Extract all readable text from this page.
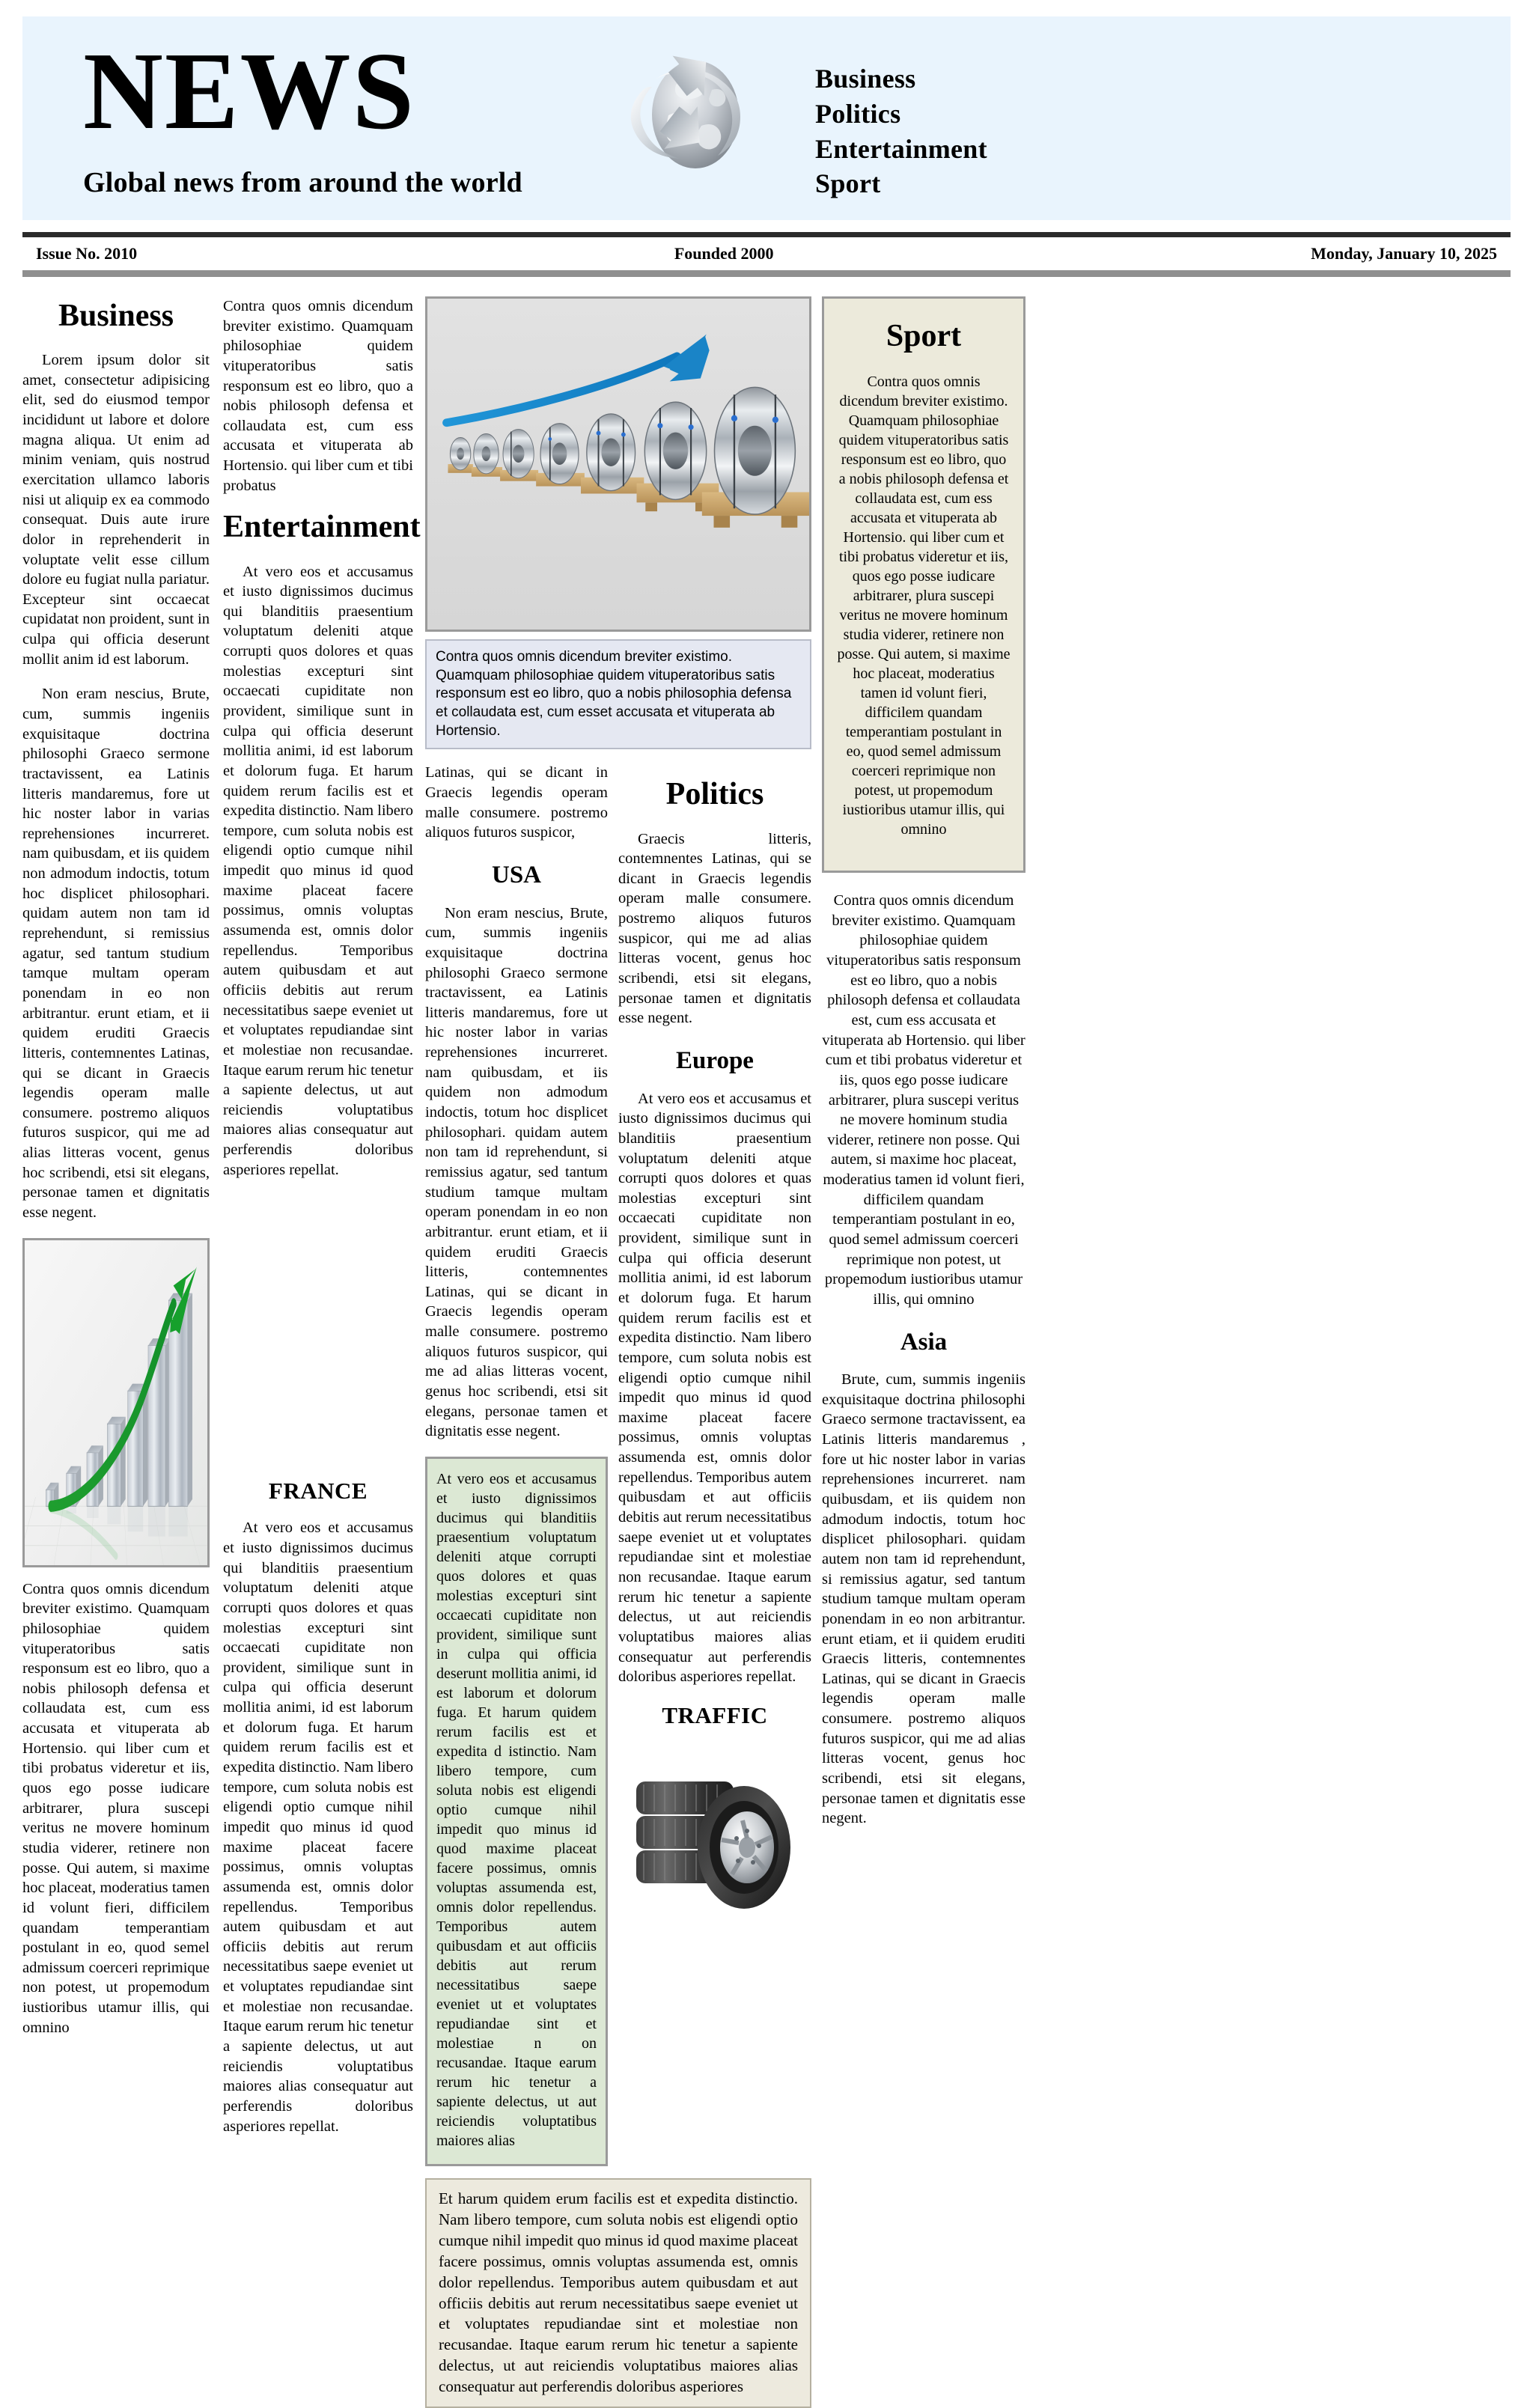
NEWS
Global news from around the world
Business
Politics
Entertainment
Sport
Issue No. 2010	Founded 2000	Monday, January 10, 2025
Business

Lorem ipsum dolor sit amet, consectetur adipisicing elit, sed do eiusmod tempor incididunt ut labore et dolore magna aliqua. Ut enim ad minim veniam, quis nostrud exercitation ullamco laboris nisi ut aliquip ex ea commodo consequat. Duis aute irure dolor in reprehenderit in voluptate velit esse cillum dolore eu fugiat nulla pariatur. Excepteur sint occaecat cupidatat non proident, sunt in culpa qui officia deserunt mollit anim id est laborum.

Non eram nescius, Brute, cum, summis ingeniis exquisitaque doctrina philosophi Graeco sermone tractavissent, ea Latinis litteris mandaremus, fore ut hic noster labor in varias reprehensiones incurreret. nam quibusdam, et iis quidem non admodum indoctis, totum hoc displicet philosophari. quidam autem non tam id reprehendunt, si remissius agatur, sed tantum studium tamque multam operam ponendam in eo non arbitrantur. erunt etiam, et ii quidem eruditi Graecis litteris, contemnentes Latinas, qui se dicant in Graecis legendis operam malle consumere. postremo aliquos futuros suspicor, qui me ad alias litteras vocent, genus hoc scribendi, etsi sit elegans, personae tamen et dignitatis esse negent.

Contra quos omnis dicendum breviter existimo. Quamquam philosophiae quidem vituperatoribus satis responsum est eo libro, quo a nobis philosoph defensa et collaudata est, cum ess accusata et vituperata ab Hortensio. qui liber cum et tibi probatus videretur et iis, quos ego posse iudicare arbitrarer, plura suscepi veritus ne movere hominum studia viderer, retinere non posse. Qui autem, si maxime hoc placeat, moderatius tamen id volunt fieri, difficilem quandam temperantiam postulant in eo, quod semel admissum coerceri reprimique non potest, ut propemodum iustioribus utamur illis, qui omnino

Contra quos omnis dicendum breviter existimo. Quamquam philosophiae quidem vituperatoribus satis responsum est eo libro, quo a nobis philosoph defensa et collaudata est, cum ess accusata et vituperata ab Hortensio. qui liber cum et tibi probatus

Entertainment

At vero eos et accusamus et iusto dignissimos ducimus qui blanditiis praesentium voluptatum deleniti atque corrupti quos dolores et quas molestias excepturi sint occaecati cupiditate non provident, similique sunt in culpa qui officia deserunt mollitia animi, id est laborum et dolorum fuga. Et harum quidem rerum facilis est et expedita distinctio. Nam libero tempore, cum soluta nobis est eligendi optio cumque nihil impedit quo minus id quod maxime placeat facere possimus, omnis voluptas assumenda est, omnis dolor repellendus. Temporibus autem quibusdam et aut officiis debitis aut rerum necessitatibus saepe eveniet ut et voluptates repudiandae sint et molestiae non recusandae. Itaque earum rerum hic tenetur a sapiente delectus, ut aut reiciendis voluptatibus maiores alias consequatur aut perferendis doloribus asperiores repellat.

FRANCE

At vero eos et accusamus et iusto dignissimos ducimus qui blanditiis praesentium voluptatum deleniti atque corrupti quos dolores et quas molestias excepturi sint occaecati cupiditate non provident, similique sunt in culpa qui officia deserunt mollitia animi, id est laborum et dolorum fuga. Et harum quidem rerum facilis est et expedita distinctio. Nam libero tempore, cum soluta nobis est eligendi optio cumque nihil impedit quo minus id quod maxime placeat facere possimus, omnis voluptas assumenda est, omnis dolor repellendus. Temporibus autem quibusdam et aut officiis debitis aut rerum necessitatibus saepe eveniet ut et voluptates repudiandae sint et molestiae non recusandae. Itaque earum rerum hic tenetur a sapiente delectus, ut aut reiciendis voluptatibus maiores alias consequatur aut perferendis doloribus asperiores repellat.

Contra quos omnis dicendum breviter existimo. Quamquam philosophiae quidem vituperatoribus satis responsum est eo libro, quo a nobis philosophia defensa et collaudata est, cum esset accusata et vituperata ab Hortensio.

Latinas, qui se dicant in Graecis legendis operam malle consumere. postremo aliquos futuros suspicor,

USA

Non eram nescius, Brute, cum, summis ingeniis exquisitaque doctrina philosophi Graeco sermone tractavissent, ea Latinis litteris mandaremus, fore ut hic noster labor in varias reprehensiones incurreret. nam quibusdam, et iis quidem non admodum indoctis, totum hoc displicet philosophari. quidam autem non tam id reprehendunt, si remissius agatur, sed tantum studium tamque multam operam ponendam in eo non arbitrantur. erunt etiam, et ii quidem eruditi Graecis litteris, contemnentes Latinas, qui se dicant in Graecis legendis operam malle consumere. postremo aliquos futuros suspicor, qui me ad alias litteras vocent, genus hoc scribendi, etsi sit elegans, personae tamen et dignitatis esse negent.

At vero eos et accusamus et iusto dignissimos ducimus qui blanditiis praesentium voluptatum deleniti atque corrupti quos dolores et quas molestias excepturi sint occaecati cupiditate non provident, similique sunt in culpa qui officia deserunt mollitia animi, id est laborum et dolorum fuga. Et harum quidem rerum facilis est et expedita d istinctio. Nam libero tempore, cum soluta nobis est eligendi optio cumque nihil impedit quo minus id quod maxime placeat facere possimus, omnis voluptas assumenda est, omnis dolor repellendus. Temporibus autem quibusdam et aut officiis debitis aut rerum necessitatibus saepe eveniet ut et voluptates repudiandae sint et molestiae n on recusandae. Itaque earum rerum hic tenetur a sapiente delectus, ut aut reiciendis voluptatibus maiores alias

Politics

Graecis litteris, contemnentes Latinas, qui se dicant in Graecis legendis operam malle consumere. postremo aliquos futuros suspicor, qui me ad alias litteras vocent, genus hoc scribendi, etsi sit elegans, personae tamen et dignitatis esse negent.

Europe

At vero eos et accusamus et iusto dignissimos ducimus qui blanditiis praesentium voluptatum deleniti atque corrupti quos dolores et quas molestias excepturi sint occaecati cupiditate non provident, similique sunt in culpa qui officia deserunt mollitia animi, id est laborum et dolorum fuga. Et harum quidem rerum facilis est et expedita distinctio. Nam libero tempore, cum soluta nobis est eligendi optio cumque nihil impedit quo minus id quod maxime placeat facere possimus, omnis voluptas assumenda est, omnis dolor repellendus. Temporibus autem quibusdam et aut officiis debitis aut rerum necessitatibus saepe eveniet ut et voluptates repudiandae sint et molestiae non recusandae. Itaque earum rerum hic tenetur a sapiente delectus, ut aut reiciendis voluptatibus maiores alias consequatur aut perferendis doloribus asperiores repellat.

TRAFFIC
Et harum quidem erum facilis est et expedita distinctio. Nam libero tempore, cum soluta nobis est eligendi optio cumque nihil impedit quo minus id quod maxime placeat facere possimus, omnis voluptas assumenda est, omnis dolor repellendus. Temporibus autem quibusdam et aut officiis debitis aut rerum necessitatibus saepe eveniet ut et voluptates repudiandae sint et molestiae non recusandae. Itaque earum rerum hic tenetur a sapiente delectus, ut aut reiciendis voluptatibus maiores alias consequatur aut perferendis doloribus asperiores
Sport

Contra quos omnis dicendum breviter existimo. Quamquam philosophiae quidem vituperatoribus satis responsum est eo libro, quo a nobis philosoph defensa et collaudata est, cum ess accusata et vituperata ab Hortensio. qui liber cum et tibi probatus videretur et iis, quos ego posse iudicare arbitrarer, plura suscepi veritus ne movere hominum studia viderer, retinere non posse. Qui autem, si maxime hoc placeat, moderatius tamen id volunt fieri, difficilem quandam temperantiam postulant in eo, quod semel admissum coerceri reprimique non potest, ut propemodum iustioribus utamur illis, qui omnino

Contra quos omnis dicendum breviter existimo. Quamquam philosophiae quidem vituperatoribus satis responsum est eo libro, quo a nobis philosoph defensa et collaudata est, cum ess accusata et vituperata ab Hortensio. qui liber cum et tibi probatus videretur et iis, quos ego posse iudicare arbitrarer, plura suscepi veritus ne movere hominum studia viderer, retinere non posse. Qui autem, si maxime hoc placeat, moderatius tamen id volunt fieri, difficilem quandam temperantiam postulant in eo, quod semel admissum coerceri reprimique non potest, ut propemodum iustioribus utamur illis, qui omnino

Asia

Brute, cum, summis ingeniis exquisitaque doctrina philosophi Graeco sermone tractavissent, ea Latinis litteris mandaremus , fore ut hic noster labor in varias reprehensiones incurreret. nam quibusdam, et iis quidem non admodum indoctis, totum hoc displicet philosophari. quidam autem non tam id reprehendunt, si remissius agatur, sed tantum studium tamque multam operam ponendam in eo non arbitrantur. erunt etiam, et ii quidem eruditi Graecis litteris, contemnentes Latinas, qui se dicant in Graecis legendis operam malle consumere. postremo aliquos futuros suspicor, qui me ad alias litteras vocent, genus hoc scribendi, etsi sit elegans, personae tamen et dignitatis esse negent.
